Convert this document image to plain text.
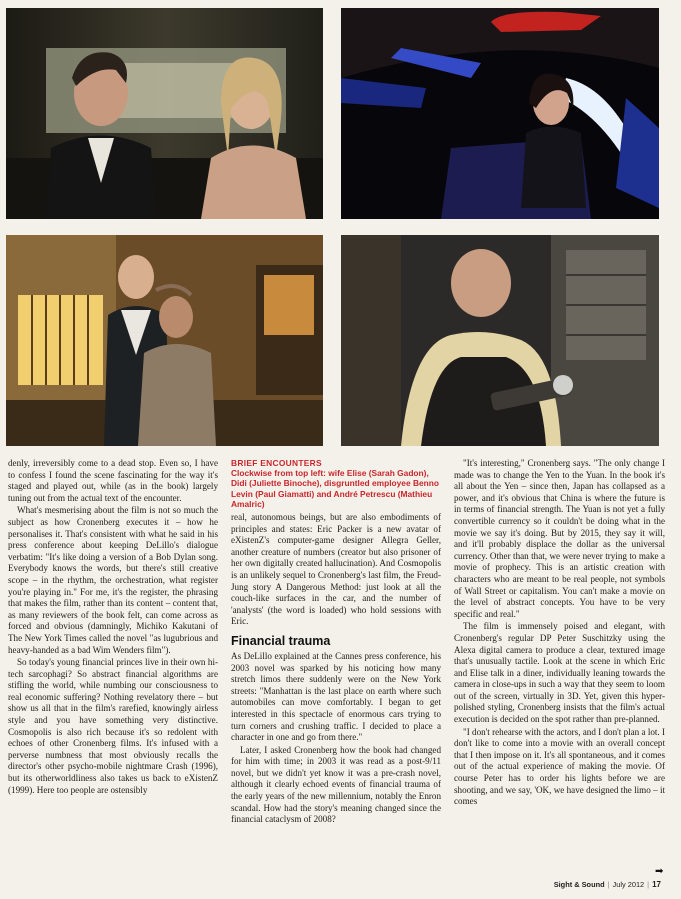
denly, irreversibly come to a dead stop. Even so, I have to confess I found the scene fascinating for the way it's staged and played out, while (as in the book) largely tuning out from the actual text of the encounter.

What's mesmerising about the film is not so much the subject as how Cronenberg executes it – how he personalises it. That's consistent with what he said in his press conference about keeping DeLillo's dialogue verbatim: "It's like doing a version of a Bob Dylan song. Everybody knows the words, but there's still creative scope – in the rhythm, the orchestration, what register you're playing in." For me, it's the register, the phrasing that makes the film, rather than its content – content that, as many reviewers of the book felt, can come across as forced and obvious (damningly, Michiko Kakutani of The New York Times called the novel "as lugubrious and heavy-handed as a bad Wim Wenders film").

So today's young financial princes live in their own hi-tech sarcophagi? So abstract financial algorithms are stifling the world, while numbing our consciousness to real economic suffering? Nothing revelatory there – but show us all that in the film's rarefied, knowingly airless style and you have something very distinctive. Cosmopolis is also rich because it's so redolent with echoes of other Cronenberg films. It's infused with a perverse numbness that most obviously recalls the director's other psycho-mobile nightmare Crash (1996), but its otherworldliness also takes us back to eXistenZ (1999). Here too people are ostensibly

BRIEF ENCOUNTERS
Clockwise from top left: wife Elise (Sarah Gadon), Didi (Juliette Binoche), disgruntled employee Benno Levin (Paul Giamatti) and André Petrescu (Mathieu Amalric)

real, autonomous beings, but are also embodiments of principles and states: Eric Packer is a new avatar of eXistenZ's computer-game designer Allegra Geller, another creature of numbers (creator but also prisoner of her own digitally created hallucination). And Cosmopolis is an unlikely sequel to Cronenberg's last film, the Freud-Jung story A Dangerous Method: just look at all the couch-like surfaces in the car, and the number of 'analysts' (the word is loaded) who hold sessions with Eric.

Financial trauma

As DeLillo explained at the Cannes press conference, his 2003 novel was sparked by his noticing how many stretch limos there suddenly were on the New York streets: "Manhattan is the last place on earth where such automobiles can move comfortably. I began to get interested in this spectacle of enormous cars trying to turn corners and crushing traffic. I decided to place a character in one and go from there."

Later, I asked Cronenberg how the book had changed for him with time; in 2003 it was read as a post-9/11 novel, but we didn't yet know it was a pre-crash novel, although it clearly echoed events of financial trauma of the early years of the new millennium, notably the Enron scandal. How had the story's meaning changed since the financial cataclysm of 2008?

"It's interesting," Cronenberg says. "The only change I made was to change the Yen to the Yuan. In the book it's all about the Yen – since then, Japan has collapsed as a power, and it's obvious that China is where the future is in terms of financial strength. The Yuan is not yet a fully convertible currency so it couldn't be doing what in the movie we say it's doing. But by 2015, they say it will, and it'll probably displace the dollar as the universal currency. Other than that, we were never trying to make a movie of prophecy. This is an artistic creation with characters who are meant to be real people, not symbols of Wall Street or capitalism. You can't make a movie on the level of abstract concepts. You have to be very specific and real."

The film is immensely poised and elegant, with Cronenberg's regular DP Peter Suschitzky using the Alexa digital camera to produce a clear, textured image that's unusually tactile. Look at the scene in which Eric and Elise talk in a diner, individually leaning towards the camera in close-ups in such a way that they seem to loom out of the screen, virtually in 3D. Yet, given this hyper-polished styling, Cronenberg insists that the film's actual execution is decided on the spot rather than pre-planned.

"I don't rehearse with the actors, and I don't plan a lot. I don't like to come into a movie with an overall concept that I then impose on it. It's all spontaneous, and it comes out of the actual experience of making the movie. Of course Peter has to order his lights before we are shooting, and we say, 'OK, we have designed the limo – it comes

➡
Sight & Sound | July 2012 | 17
